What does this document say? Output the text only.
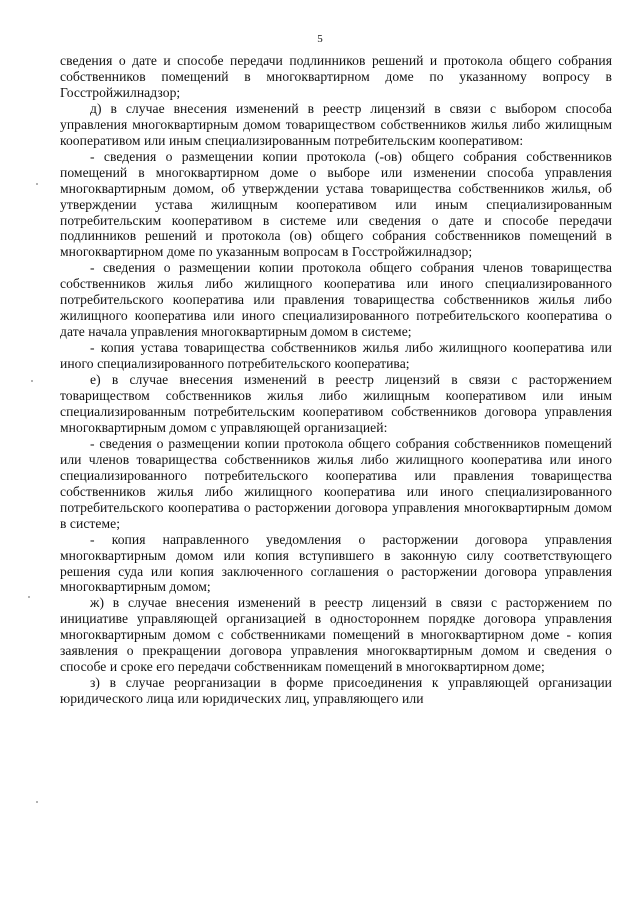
5

сведения о дате и способе передачи подлинников решений и протокола общего собрания собственников помещений в многоквартирном доме по указанному вопросу в Госстройжилнадзор;

д) в случае внесения изменений в реестр лицензий в связи с выбором способа управления многоквартирным домом товариществом собственников жилья либо жилищным кооперативом или иным специализированным потребительским кооперативом:

- сведения о размещении копии протокола (-ов) общего собрания собственников помещений в многоквартирном доме о выборе или изменении способа управления многоквартирным домом, об утверждении устава товарищества собственников жилья, об утверждении устава жилищным кооперативом или иным специализированным потребительским кооперативом в системе или сведения о дате и способе передачи подлинников решений и протокола (ов) общего собрания собственников помещений в многоквартирном доме по указанным вопросам в Госстройжилнадзор;

- сведения о размещении копии протокола общего собрания членов товарищества собственников жилья либо жилищного кооператива или иного специализированного потребительского кооператива или правления товарищества собственников жилья либо жилищного кооператива или иного специализированного потребительского кооператива о дате начала управления многоквартирным домом в системе;

- копия устава товарищества собственников жилья либо жилищного кооператива или иного специализированного потребительского кооператива;

е) в случае внесения изменений в реестр лицензий в связи с расторжением товариществом собственников жилья либо жилищным кооперативом или иным специализированным потребительским кооперативом собственников договора управления многоквартирным домом с управляющей организацией:

- сведения о размещении копии протокола общего собрания собственников помещений или членов товарищества собственников жилья либо жилищного кооператива или иного специализированного потребительского кооператива или правления товарищества собственников жилья либо жилищного кооператива или иного специализированного потребительского кооператива о расторжении договора управления многоквартирным домом в системе;

- копия направленного уведомления о расторжении договора управления многоквартирным домом или копия вступившего в законную силу соответствующего решения суда или копия заключенного соглашения о расторжении договора управления многоквартирным домом;

ж) в случае внесения изменений в реестр лицензий в связи с расторжением по инициативе управляющей организацией в одностороннем порядке договора управления многоквартирным домом с собственниками помещений в многоквартирном доме - копия заявления о прекращении договора управления многоквартирным домом и сведения о способе и сроке его передачи собственникам помещений в многоквартирном доме;

з) в случае реорганизации в форме присоединения к управляющей организации юридического лица или юридических лиц, управляющего или
